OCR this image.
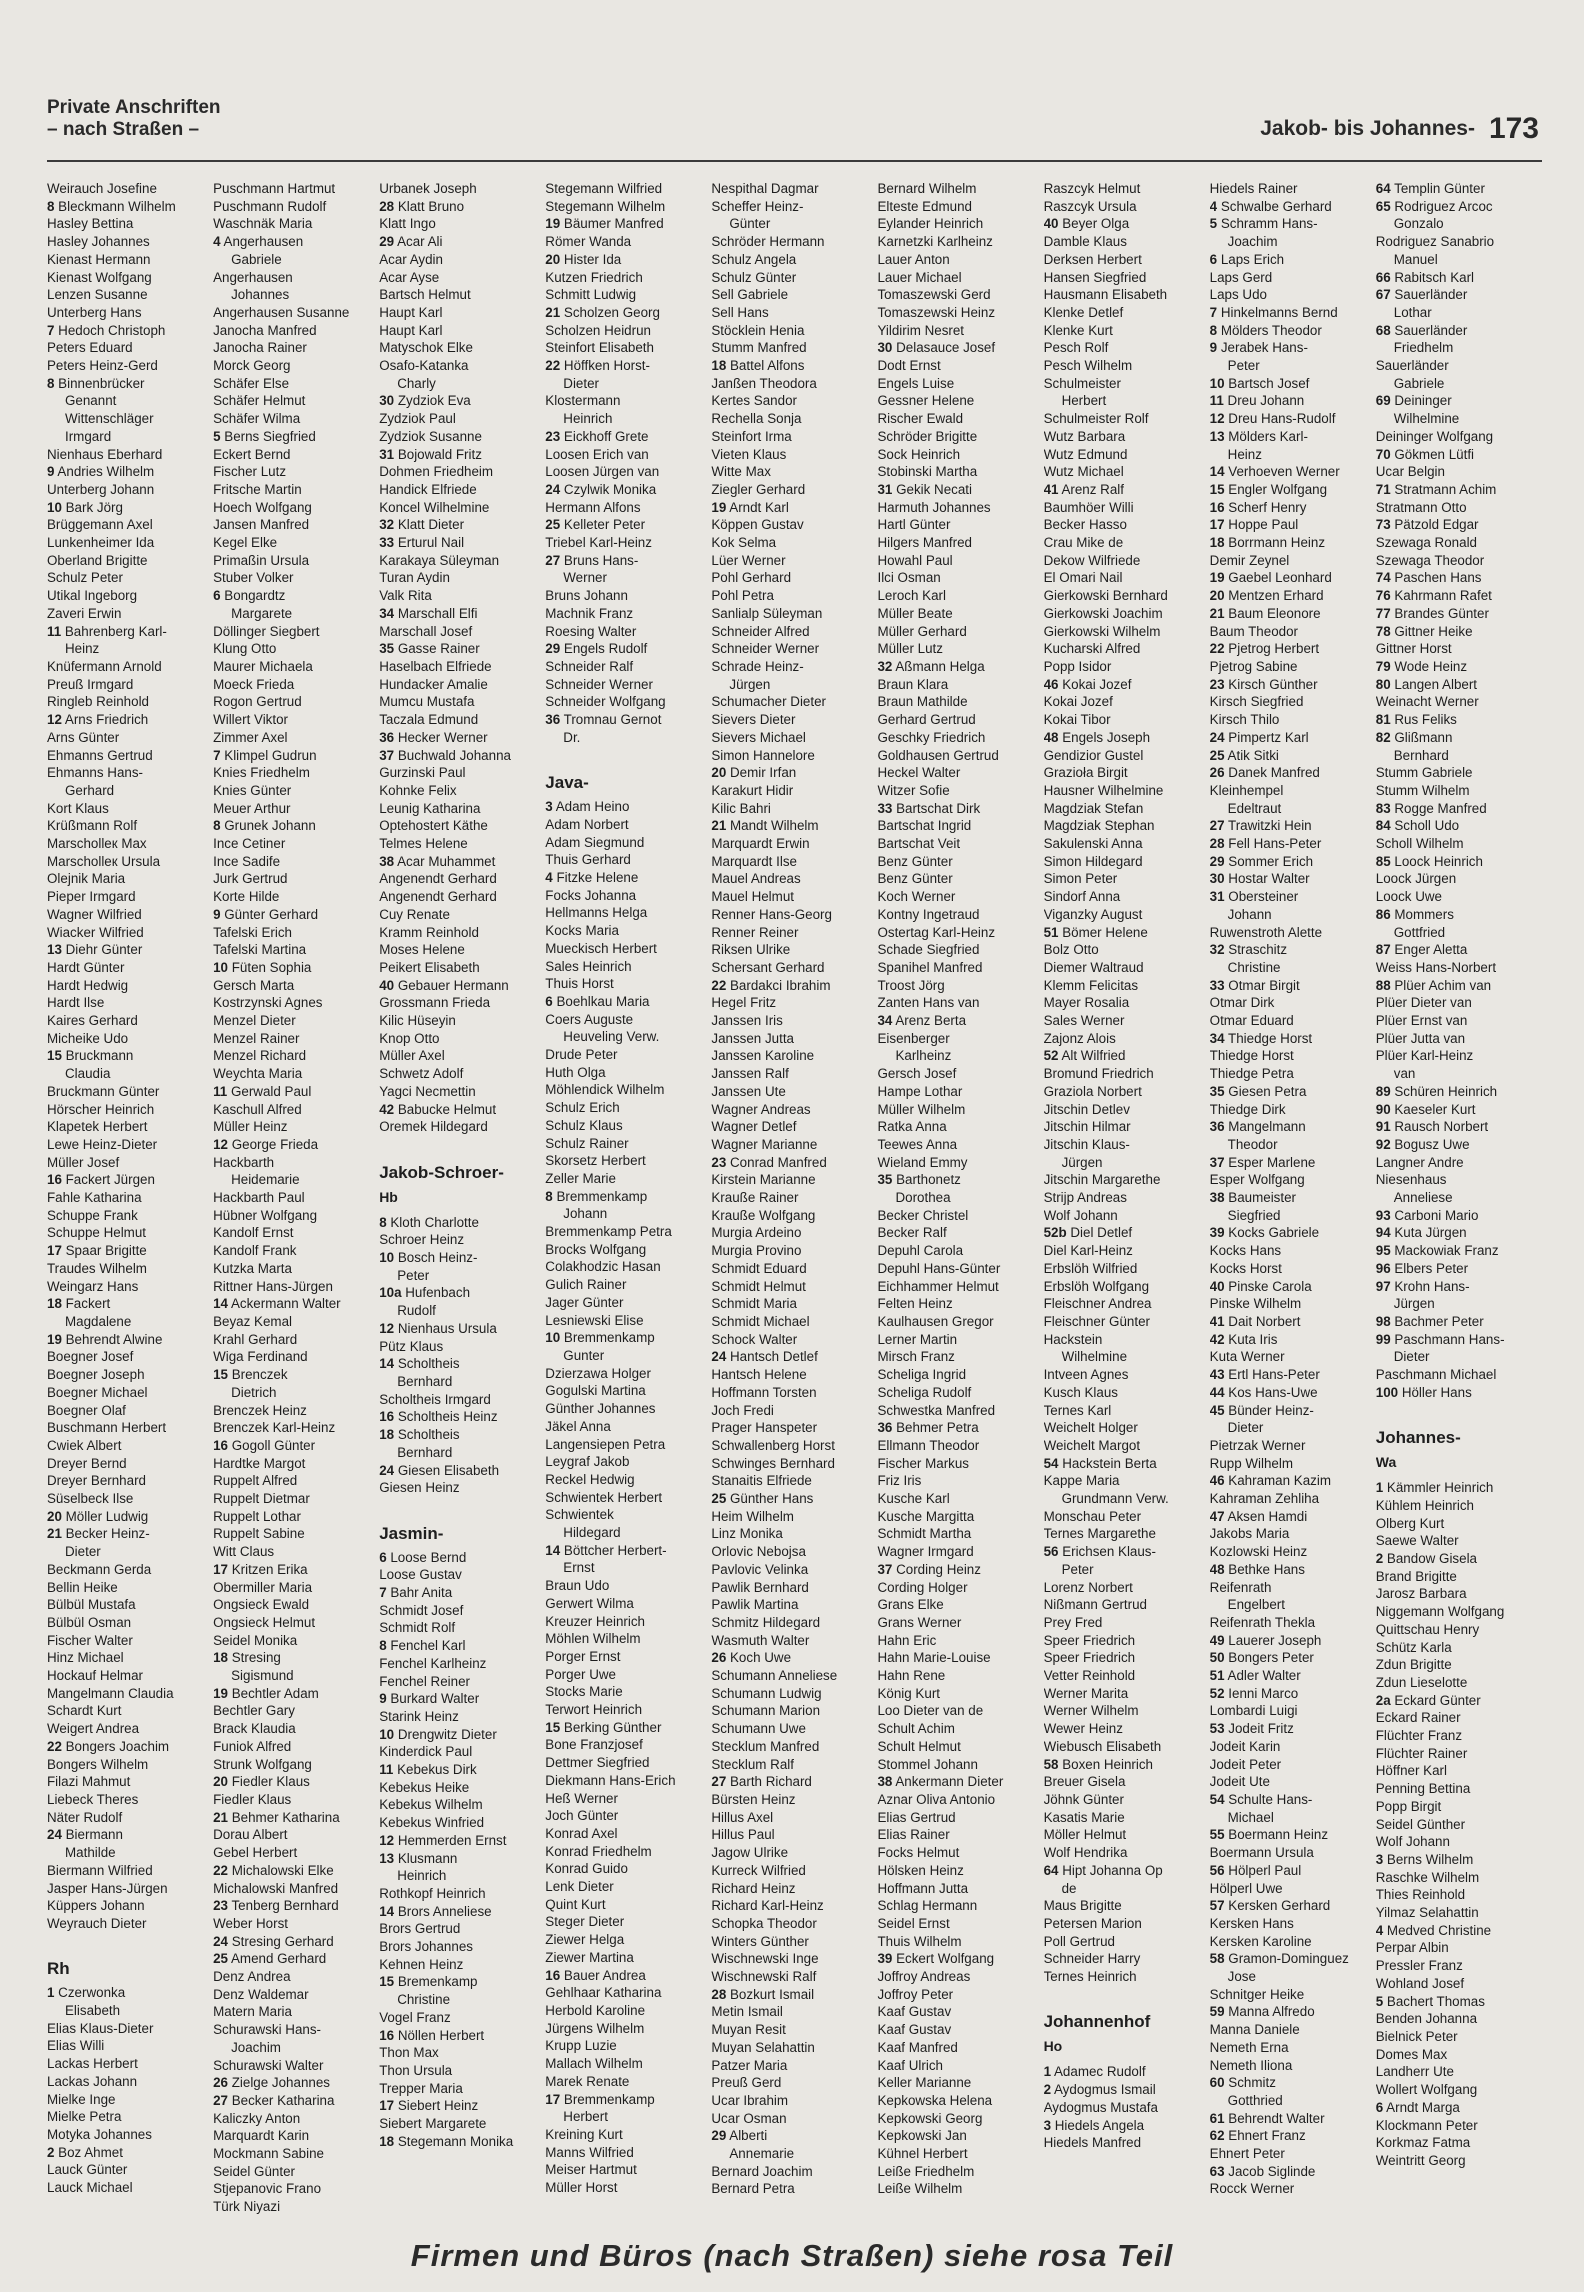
Private Anschriften
– nach Straßen –	Jakob- bis Johannes- 173
Weirauch Josefine
8 Bleckmann Wilhelm
Hasley Bettina
Hasley Johannes
Kienast Hermann
Kienast Wolfgang
Lenzen Susanne
Unterberg Hans
7 Hedoch Christoph
Peters Eduard
Peters Heinz-Gerd
8 Binnenbrücker
Genannt
Wittenschläger
Irmgard
Nienhaus Eberhard
9 Andries Wilhelm
Unterberg Johann
10 Bark Jörg
Brüggemann Axel
Lunkenheimer Ida
Oberland Brigitte
Schulz Peter
Utikal Ingeborg
Zaveri Erwin
11 Bahrenberg Karl-
Heinz
Knüfermann Arnold
Preuß Irmgard
Ringleb Reinhold
12 Arns Friedrich
Arns Günter
Ehmanns Gertrud
Ehmanns Hans-
Gerhard
Kort Klaus
Krüßmann Rolf
Marscholleк Max
Marscholleк Ursula
Olejnik Maria
Pieper Irmgard
Wagner Wilfried
Wiacker Wilfried
13 Diehr Günter
Hardt Günter
Hardt Hedwig
Hardt Ilse
Kaires Gerhard
Micheike Udo
15 Bruckmann
Claudia
Bruckmann Günter
Hörscher Heinrich
Klapetek Herbert
Lewe Heinz-Dieter
Müller Josef
16 Fackert Jürgen
Fahle Katharina
Schuppe Frank
Schuppe Helmut
17 Spaar Brigitte
Traudes Wilhelm
Weingarz Hans
18 Fackert
Magdalene
19 Behrendt Alwine
Boegner Josef
Boegner Joseph
Boegner Michael
Boegner Olaf
Buschmann Herbert
Cwiek Albert
Dreyer Bernd
Dreyer Bernhard
Süselbeck Ilse
20 Möller Ludwig
21 Becker Heinz-
Dieter
Beckmann Gerda
Bellin Heike
Bülbül Mustafa
Bülbül Osman
Fischer Walter
Hinz Michael
Hockauf Helmar
Mangelmann Claudia
Schardt Kurt
Weigert Andrea
22 Bongers Joachim
Bongers Wilhelm
Filazi Mahmut
Liebeck Theres
Näter Rudolf
24 Biermann
Mathilde
Biermann Wilfried
Jasper Hans-Jürgen
Küppers Johann
Weyrauch Dieter
Rh
1 Czerwonka
Elisabeth
Elias Klaus-Dieter
Elias Willi
Lackas Herbert
Lackas Johann
Mielke Inge
Mielke Petra
Motyka Johannes
2 Boz Ahmet
Lauck Günter
Lauck Michael
Puschmann Hartmut
Puschmann Rudolf
Waschnäk Maria
4 Angerhausen
Gabriele
Angerhausen
Johannes
Angerhausen Susanne
Janocha Manfred
Janocha Rainer
Morck Georg
Schäfer Else
Schäfer Helmut
Schäfer Wilma
5 Berns Siegfried
Eckert Bernd
Fischer Lutz
Fritsche Martin
Hoech Wolfgang
Jansen Manfred
Kegel Elke
Primaßin Ursula
Stuber Volker
6 Bongardtz
Margarete
Döllinger Siegbert
Klung Otto
Maurer Michaela
Moeck Frieda
Rogon Gertrud
Willert Viktor
Zimmer Axel
7 Klimpel Gudrun
Knies Friedhelm
Knies Günter
Meuer Arthur
8 Grunek Johann
Ince Cetiner
Ince Sadife
Jurk Gertrud
Korte Hilde
9 Günter Gerhard
Tafelski Erich
Tafelski Martina
10 Füten Sophia
Gersch Marta
Kostrzynski Agnes
Menzel Dieter
Menzel Rainer
Menzel Richard
Weychta Maria
11 Gerwald Paul
Kaschull Alfred
Müller Heinz
12 George Frieda
Hackbarth
Heidemarie
Hackbarth Paul
Hübner Wolfgang
Kandolf Ernst
Kandolf Frank
Kutzka Marta
Rittner Hans-Jürgen
14 Ackermann Walter
Beyaz Kemal
Krahl Gerhard
Wiga Ferdinand
15 Brenczek
Dietrich
Brenczek Heinz
Brenczek Karl-Heinz
16 Gogoll Günter
Hardtke Margot
Ruppelt Alfred
Ruppelt Dietmar
Ruppelt Lothar
Ruppelt Sabine
Witt Claus
17 Kritzen Erika
Obermiller Maria
Ongsieck Ewald
Ongsieck Helmut
Seidel Monika
18 Stresing
Sigismund
19 Bechtler Adam
Bechtler Gary
Brack Klaudia
Funiok Alfred
Strunk Wolfgang
20 Fiedler Klaus
Fiedler Klaus
21 Behmer Katharina
Dorau Albert
Gebel Herbert
22 Michalowski Elke
Michalowski Manfred
23 Tenberg Bernhard
Weber Horst
24 Stresing Gerhard
25 Amend Gerhard
Denz Andrea
Denz Waldemar
Matern Maria
Schurawski Hans-
Joachim
Schurawski Walter
26 Zielge Johannes
27 Becker Katharina
Kaliczky Anton
Marquardt Karin
Mockmann Sabine
Seidel Günter
Stjepanovic Frano
Türk Niyazi
Urbanek Joseph
28 Klatt Bruno
Klatt Ingo
29 Acar Ali
Acar Aydin
Acar Ayse
Bartsch Helmut
Haupt Karl
Haupt Karl
Matyschok Elke
Osafo-Katanka
Charly
30 Zydziok Eva
Zydziok Paul
Zydziok Susanne
31 Bojowald Fritz
Dohmen Friedheim
Handick Elfriede
Koncel Wilhelmine
32 Klatt Dieter
33 Erturul Nail
Karakaya Süleyman
Turan Aydin
Valk Rita
34 Marschall Elfi
Marschall Josef
35 Gasse Rainer
Haselbach Elfriede
Hundacker Amalie
Mumcu Mustafa
Taczala Edmund
36 Hecker Werner
37 Buchwald Johanna
Gurzinski Paul
Kohnke Felix
Leunig Katharina
Optehostert Käthe
Telmes Helene
38 Acar Muhammet
Angenendt Gerhard
Angenendt Gerhard
Cuy Renate
Kramm Reinhold
Moses Helene
Peikert Elisabeth
40 Gebauer Hermann
Grossmann Frieda
Kilic Hüseyin
Knop Otto
Müller Axel
Schwetz Adolf
Yagci Necmettin
42 Babucke Helmut
Oremek Hildegard
Jakob-Schroer-
Hb
8 Kloth Charlotte
Schroer Heinz
10 Bosch Heinz-
Peter
10a Hufenbach
Rudolf
12 Nienhaus Ursula
Pütz Klaus
14 Scholtheis
Bernhard
Scholtheis Irmgard
16 Scholtheis Heinz
18 Scholtheis
Bernhard
24 Giesen Elisabeth
Giesen Heinz
Jasmin-
6 Loose Bernd
Loose Gustav
7 Bahr Anita
Schmidt Josef
Schmidt Rolf
8 Fenchel Karl
Fenchel Karlheinz
Fenchel Reiner
9 Burkard Walter
Starink Heinz
10 Drengwitz Dieter
Kinderdick Paul
11 Kebekus Dirk
Kebekus Heike
Kebekus Wilhelm
Kebekus Winfried
12 Hemmerden Ernst
13 Klusmann
Heinrich
Rothkopf Heinrich
14 Brors Anneliese
Brors Gertrud
Brors Johannes
Kehnen Heinz
15 Bremenkamp
Christine
Vogel Franz
16 Nöllen Herbert
Thon Max
Thon Ursula
Trepper Maria
17 Siebert Heinz
Siebert Margarete
18 Stegemann Monika
Stegemann Wilfried
Stegemann Wilhelm
19 Bäumer Manfred
Römer Wanda
20 Hister Ida
Kutzen Friedrich
Schmitt Ludwig
21 Scholzen Georg
Scholzen Heidrun
Steinfort Elisabeth
22 Höffken Horst-
Dieter
Klostermann
Heinrich
23 Eickhoff Grete
Loosen Erich van
Loosen Jürgen van
24 Czylwik Monika
Hermann Alfons
25 Kelleter Peter
Triebel Karl-Heinz
27 Bruns Hans-
Werner
Bruns Johann
Machnik Franz
Roesing Walter
29 Engels Rudolf
Schneider Ralf
Schneider Werner
Schneider Wolfgang
36 Tromnau Gernot
Dr.
Java-
3 Adam Heino
Adam Norbert
Adam Siegmund
Thuis Gerhard
4 Fitzke Helene
Focks Johanna
Hellmanns Helga
Kocks Maria
Mueckisch Herbert
Sales Heinrich
Thuis Horst
6 Boehlkau Maria
Coers Auguste
Heuveling Verw.
Drude Peter
Huth Olga
Möhlendick Wilhelm
Schulz Erich
Schulz Klaus
Schulz Rainer
Skorsetz Herbert
Zeller Marie
8 Bremmenkamp
Johann
Bremmenkamp Petra
Brocks Wolfgang
Colakhodzic Hasan
Gulich Rainer
Jager Günter
Lesniewski Elise
10 Bremmenkamp
Gunter
Dzierzawa Holger
Gogulski Martina
Günther Johannes
Jäkel Anna
Langensiepen Petra
Leygraf Jakob
Reckel Hedwig
Schwientek Herbert
Schwientek
Hildegard
14 Böttcher Herbert-
Ernst
Braun Udo
Gerwert Wilma
Kreuzer Heinrich
Möhlen Wilhelm
Porger Ernst
Porger Uwe
Stocks Marie
Terwort Heinrich
15 Berking Günther
Bone Franzjosef
Dettmer Siegfried
Diekmann Hans-Erich
Heß Werner
Joch Günter
Konrad Axel
Konrad Friedhelm
Konrad Guido
Lenk Dieter
Quint Kurt
Steger Dieter
Ziewer Helga
Ziewer Martina
16 Bauer Andrea
Gehlhaar Katharina
Herbold Karoline
Jürgens Wilhelm
Krupp Luzie
Mallach Wilhelm
Marek Renate
17 Bremmenkamp
Herbert
Kreining Kurt
Manns Wilfried
Meiser Hartmut
Müller Horst
Nespithal Dagmar
Scheffer Heinz-
Günter
Schröder Hermann
Schulz Angela
Schulz Günter
Sell Gabriele
Sell Hans
Stöcklein Henia
Stumm Manfred
18 Battel Alfons
Janßen Theodora
Kertes Sandor
Rechella Sonja
Steinfort Irma
Vieten Klaus
Witte Max
Ziegler Gerhard
19 Arndt Karl
Köppen Gustav
Kok Selma
Lüer Werner
Pohl Gerhard
Pohl Petra
Sanlialp Süleyman
Schneider Alfred
Schneider Werner
Schrade Heinz-
Jürgen
Schumacher Dieter
Sievers Dieter
Sievers Michael
Simon Hannelore
20 Demir Irfan
Karakurt Hidir
Kilic Bahri
21 Mandt Wilhelm
Marquardt Erwin
Marquardt Ilse
Mauel Andreas
Mauel Helmut
Renner Hans-Georg
Renner Reiner
Riksen Ulrike
Schersant Gerhard
22 Bardakci Ibrahim
Hegel Fritz
Janssen Iris
Janssen Jutta
Janssen Karoline
Janssen Ralf
Janssen Ute
Wagner Andreas
Wagner Detlef
Wagner Marianne
23 Conrad Manfred
Kirstein Marianne
Krauße Rainer
Krauße Wolfgang
Murgia Ardeino
Murgia Provino
Schmidt Eduard
Schmidt Helmut
Schmidt Maria
Schmidt Michael
Schock Walter
24 Hantsch Detlef
Hantsch Helene
Hoffmann Torsten
Joch Fredi
Prager Hanspeter
Schwallenberg Horst
Schwinges Bernhard
Stanaitis Elfriede
25 Günther Hans
Heim Wilhelm
Linz Monika
Orlovic Nebojsa
Pavlovic Velinka
Pawlik Bernhard
Pawlik Martina
Schmitz Hildegard
Wasmuth Walter
26 Koch Uwe
Schumann Anneliese
Schumann Ludwig
Schumann Marion
Schumann Uwe
Stecklum Manfred
Stecklum Ralf
27 Barth Richard
Bürsten Heinz
Hillus Axel
Hillus Paul
Jagow Ulrike
Kurreck Wilfried
Richard Heinz
Richard Karl-Heinz
Schopka Theodor
Winters Günther
Wischnewski Inge
Wischnewski Ralf
28 Bozkurt Ismail
Metin Ismail
Muyan Resit
Muyan Selahattin
Patzer Maria
Preuß Gerd
Ucar Ibrahim
Ucar Osman
29 Alberti
Annemarie
Bernard Joachim
Bernard Petra
Bernard Wilhelm
Elteste Edmund
Eylander Heinrich
Karnetzki Karlheinz
Lauer Anton
Lauer Michael
Tomaszewski Gerd
Tomaszewski Heinz
Yildirim Nesret
30 Delasauce Josef
Dodt Ernst
Engels Luise
Gessner Helene
Rischer Ewald
Schröder Brigitte
Sock Heinrich
Stobinski Martha
31 Gekik Necati
Harmuth Johannes
Hartl Günter
Hilgers Manfred
Howahl Paul
Ilci Osman
Leroch Karl
Müller Beate
Müller Gerhard
Müller Lutz
32 Aßmann Helga
Braun Klara
Braun Mathilde
Gerhard Gertrud
Geschky Friedrich
Goldhausen Gertrud
Heckel Walter
Witzer Sofie
33 Bartschat Dirk
Bartschat Ingrid
Bartschat Veit
Benz Günter
Benz Günter
Koch Werner
Kontny Ingetraud
Ostertag Karl-Heinz
Schade Siegfried
Spanihel Manfred
Troost Jörg
Zanten Hans van
34 Arenz Berta
Eisenberger
Karlheinz
Gersch Josef
Hampe Lothar
Müller Wilhelm
Ratka Anna
Teewes Anna
Wieland Emmy
35 Barthonetz
Dorothea
Becker Christel
Becker Ralf
Depuhl Carola
Depuhl Hans-Günter
Eichhammer Helmut
Felten Heinz
Kaulhausen Gregor
Lerner Martin
Mirsch Franz
Scheliga Ingrid
Scheliga Rudolf
Schwestka Manfred
36 Behmer Petra
Ellmann Theodor
Fischer Markus
Friz Iris
Kusche Karl
Kusche Margitta
Schmidt Martha
Wagner Irmgard
37 Cording Heinz
Cording Holger
Grans Elke
Grans Werner
Hahn Eric
Hahn Marie-Louise
Hahn Rene
König Kurt
Loo Dieter van de
Schult Achim
Schult Helmut
Stommel Johann
38 Ankermann Dieter
Aznar Oliva Antonio
Elias Gertrud
Elias Rainer
Focks Helmut
Hölsken Heinz
Hoffmann Jutta
Schlag Hermann
Seidel Ernst
Thuis Wilhelm
39 Eckert Wolfgang
Joffroy Andreas
Joffroy Peter
Kaaf Gustav
Kaaf Gustav
Kaaf Manfred
Kaaf Ulrich
Keller Marianne
Kepkowska Helena
Kepkowski Georg
Kepkowski Jan
Kühnel Herbert
Leiße Friedhelm
Leiße Wilhelm
Raszcyk Helmut
Raszcyk Ursula
40 Beyer Olga
Damble Klaus
Derksen Herbert
Hansen Siegfried
Hausmann Elisabeth
Klenke Detlef
Klenke Kurt
Pesch Rolf
Pesch Wilhelm
Schulmeister
Herbert
Schulmeister Rolf
Wutz Barbara
Wutz Edmund
Wutz Michael
41 Arenz Ralf
Baumhöer Willi
Becker Hasso
Crau Mike de
Dekow Wilfriede
El Omari Nail
Gierkowski Bernhard
Gierkowski Joachim
Gierkowski Wilhelm
Kucharski Alfred
Popp Isidor
46 Kokai Jozef
Kokai Jozef
Kokai Tibor
48 Engels Joseph
Gendizior Gustel
Grazioła Birgit
Hausner Wilhelmine
Magdziak Stefan
Magdziak Stephan
Sakulenski Anna
Simon Hildegard
Simon Peter
Sindorf Anna
Viganzky August
51 Bömer Helene
Bolz Otto
Diemer Waltraud
Klemm Felicitas
Mayer Rosalia
Sales Werner
Zajonz Alois
52 Alt Wilfried
Bromund Friedrich
Graziola Norbert
Jitschin Detlev
Jitschin Hilmar
Jitschin Klaus-
Jürgen
Jitschin Margarethe
Strijp Andreas
Wolf Johann
52b Diel Detlef
Diel Karl-Heinz
Erbslöh Wilfried
Erbslöh Wolfgang
Fleischner Andrea
Fleischner Günter
Hackstein
Wilhelmine
Intveen Agnes
Kusch Klaus
Ternes Karl
Weichelt Holger
Weichelt Margot
54 Hackstein Berta
Kappe Maria
Grundmann Verw.
Monschau Peter
Ternes Margarethe
56 Erichsen Klaus-
Peter
Lorenz Norbert
Nißmann Gertrud
Prey Fred
Speer Friedrich
Speer Friedrich
Vetter Reinhold
Werner Marita
Werner Wilhelm
Wewer Heinz
Wiebusch Elisabeth
58 Boxen Heinrich
Breuer Gisela
Jöhnk Günter
Kasatis Marie
Möller Helmut
Wolf Hendrika
64 Hipt Johanna Op
de
Maus Brigitte
Petersen Marion
Poll Gertrud
Schneider Harry
Ternes Heinrich
Johannenhof
Ho
1 Adamec Rudolf
2 Aydogmus Ismail
Aydogmus Mustafa
3 Hiedels Angela
Hiedels Manfred
Hiedels Rainer
4 Schwalbe Gerhard
5 Schramm Hans-
Joachim
6 Laps Erich
Laps Gerd
Laps Udo
7 Hinkelmanns Bernd
8 Mölders Theodor
9 Jerabek Hans-
Peter
10 Bartsch Josef
11 Dreu Johann
12 Dreu Hans-Rudolf
13 Mölders Karl-
Heinz
14 Verhoeven Werner
15 Engler Wolfgang
16 Scherf Henry
17 Hoppe Paul
18 Borrmann Heinz
Demir Zeynel
19 Gaebel Leonhard
20 Mentzen Erhard
21 Baum Eleonore
Baum Theodor
22 Pjetrog Herbert
Pjetrog Sabine
23 Kirsch Günther
Kirsch Siegfried
Kirsch Thilo
24 Pimpertz Karl
25 Atik Sitki
26 Danek Manfred
Kleinhempel
Edeltraut
27 Trawitzki Hein
28 Fell Hans-Peter
29 Sommer Erich
30 Hostar Walter
31 Obersteiner
Johann
Ruwenstroth Alette
32 Straschitz
Christine
33 Otmar Birgit
Otmar Dirk
Otmar Eduard
34 Thiedge Horst
Thiedge Horst
Thiedge Petra
35 Giesen Petra
Thiedge Dirk
36 Mangelmann
Theodor
37 Esper Marlene
Esper Wolfgang
38 Baumeister
Siegfried
39 Kocks Gabriele
Kocks Hans
Kocks Horst
40 Pinske Carola
Pinske Wilhelm
41 Dait Norbert
42 Kuta Iris
Kuta Werner
43 Ertl Hans-Peter
44 Kos Hans-Uwe
45 Bünder Heinz-
Dieter
Pietrzak Werner
Rupp Wilhelm
46 Kahraman Kazim
Kahraman Zehliha
47 Aksen Hamdi
Jakobs Maria
Kozlowski Heinz
48 Bethke Hans
Reifenrath
Engelbert
Reifenrath Thekla
49 Lauerer Joseph
50 Bongers Peter
51 Adler Walter
52 Ienni Marco
Lombardi Luigi
53 Jodeit Fritz
Jodeit Karin
Jodeit Peter
Jodeit Ute
54 Schulte Hans-
Michael
55 Boermann Heinz
Boermann Ursula
56 Hölperl Paul
Hölperl Uwe
57 Kersken Gerhard
Kersken Hans
Kersken Karoline
58 Gramon-Dominguez
Jose
Schnitger Heike
59 Manna Alfredo
Manna Daniele
Nemeth Erna
Nemeth Iliona
60 Schmitz
Gotthried
61 Behrendt Walter
62 Ehnert Franz
Ehnert Peter
63 Jacob Siglinde
Rocck Werner
64 Templin Günter
65 Rodriguez Arcoc
Gonzalo
Rodriguez Sanabrio
Manuel
66 Rabitsch Karl
67 Sauerländer
Lothar
68 Sauerländer
Friedhelm
Sauerländer
Gabriele
69 Deininger
Wilhelmine
Deininger Wolfgang
70 Gökmen Lütfi
Ucar Belgin
71 Stratmann Achim
Stratmann Otto
73 Pätzold Edgar
Szewaga Ronald
Szewaga Theodor
74 Paschen Hans
76 Kahrmann Rafet
77 Brandes Günter
78 Gittner Heike
Gittner Horst
79 Wode Heinz
80 Langen Albert
Weinacht Werner
81 Rus Feliks
82 Glißmann
Bernhard
Stumm Gabriele
Stumm Wilhelm
83 Rogge Manfred
84 Scholl Udo
Scholl Wilhelm
85 Loock Heinrich
Loock Jürgen
Loock Uwe
86 Mommers
Gottfried
87 Enger Aletta
Weiss Hans-Norbert
88 Plüer Achim van
Plüer Dieter van
Plüer Ernst van
Plüer Jutta van
Plüer Karl-Heinz
van
89 Schüren Heinrich
90 Kaeseler Kurt
91 Rausch Norbert
92 Bogusz Uwe
Langner Andre
Niesenhaus
Anneliese
93 Carboni Mario
94 Kuta Jürgen
95 Mackowiak Franz
96 Elbers Peter
97 Krohn Hans-
Jürgen
98 Bachmer Peter
99 Paschmann Hans-
Dieter
Paschmann Michael
100 Höller Hans
Johannes-
Wa
1 Kämmler Heinrich
Kühlem Heinrich
Olberg Kurt
Saewe Walter
2 Bandow Gisela
Brand Brigitte
Jarosz Barbara
Niggemann Wolfgang
Quittschau Henry
Schütz Karla
Zdun Brigitte
Zdun Lieselotte
2a Eckard Günter
Eckard Rainer
Flüchter Franz
Flüchter Rainer
Höffner Karl
Penning Bettina
Popp Birgit
Seidel Günther
Wolf Johann
3 Berns Wilhelm
Raschke Wilhelm
Thies Reinhold
Yilmaz Selahattin
4 Medved Christine
Perpar Albin
Pressler Franz
Wohland Josef
5 Bachert Thomas
Benden Johanna
Bielnick Peter
Domes Max
Landherr Ute
Wollert Wolfgang
6 Arndt Marga
Klockmann Peter
Korkmaz Fatma
Weintritt Georg
Firmen und Büros (nach Straßen) siehe rosa Teil
